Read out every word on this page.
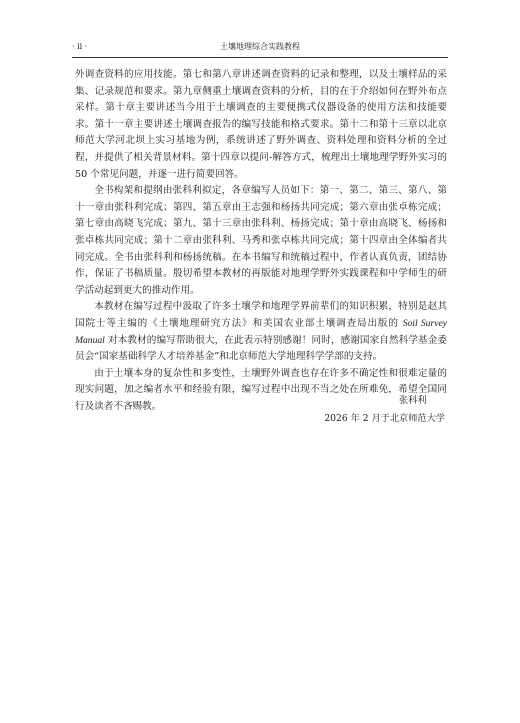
· ii ·	土壤地理综合实践教程

外调查资料的应用技能。第七和第八章讲述调查资料的记录和整理，以及土壤样品的采集、记录规范和要求。第九章侧重土壤调查资料的分析，目的在于介绍如何在野外布点采样。第十章主要讲述当今用于土壤调查的主要便携式仪器设备的使用方法和技能要求。第十一章主要讲述土壤调查报告的编写技能和格式要求。第十二和第十三章以北京师范大学河北坝上实习基地为例，系统讲述了野外调查、资料处理和资料分析的全过程，并提供了相关背景材料。第十四章以提问-解答方式，梳理出土壤地理学野外实习的 50 个常见问题，并逐一进行简要回答。

全书构架和提纲由张科利拟定，各章编写人员如下：第一、第二、第三、第八、第十一章由张科利完成；第四、第五章由王志强和杨扬共同完成；第六章由张卓栋完成；第七章由高晓飞完成；第九、第十三章由张科利、杨扬完成；第十章由高晓飞、杨扬和张卓栋共同完成；第十二章由张科利、马秀和张卓栋共同完成；第十四章由全体编者共同完成。全书由张科利和杨扬统稿。在本书编写和统稿过程中，作者认真负责，团结协作，保证了书稿质量。殷切希望本教材的再版能对地理学野外实践课程和中学师生的研学活动起到更大的推动作用。

本教材在编写过程中汲取了许多土壤学和地理学界前辈们的知识积累，特别是赵其国院士等主编的《土壤地理研究方法》和美国农业部土壤调查局出版的 Soil Survey Manual 对本教材的编写帮助很大，在此表示特别感谢！同时，感谢国家自然科学基金委员会“国家基础科学人才培养基金”和北京师范大学地理科学学部的支持。

由于土壤本身的复杂性和多变性，土壤野外调查也存在许多不确定性和很难定量的现实问题，加之编者水平和经验有限，编写过程中出现不当之处在所难免，希望全国同行及读者不吝赐教。

张科利
2026 年 2 月于北京师范大学
